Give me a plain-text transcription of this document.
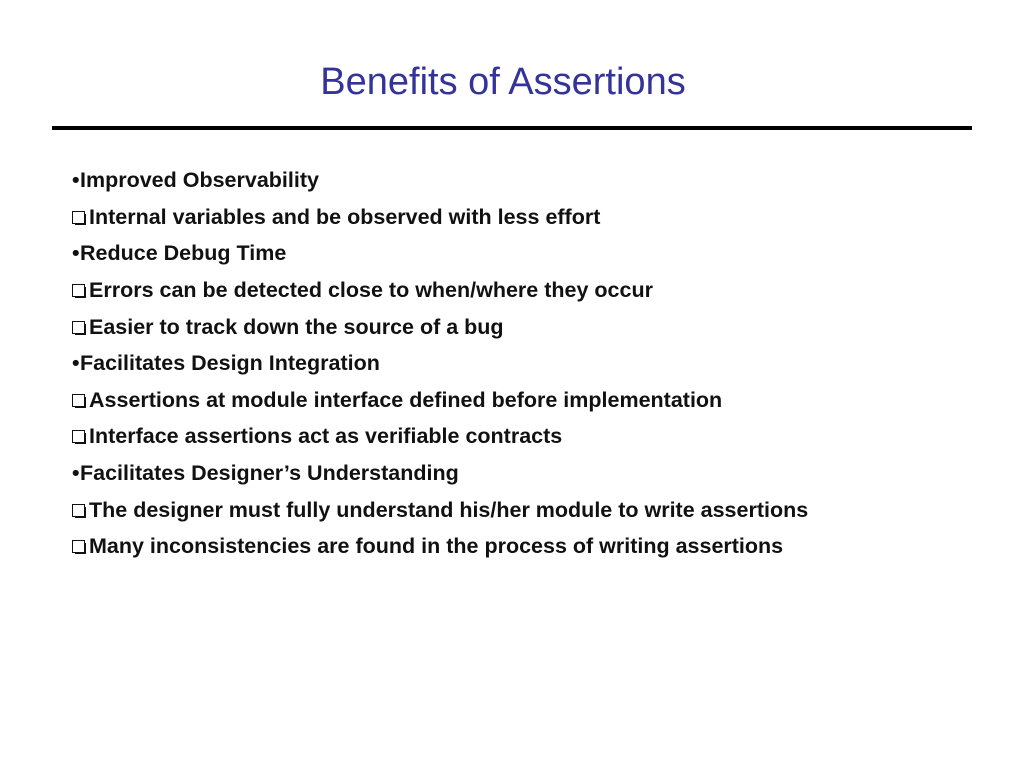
Benefits of Assertions
• Improved Observability
Internal variables and be observed with less effort
• Reduce Debug Time
Errors can be detected close to when/where they occur
Easier to track down the source of a bug
• Facilitates Design Integration
Assertions at module interface defined before implementation
Interface assertions act as verifiable contracts
• Facilitates Designer’s Understanding
The designer must fully understand his/her module to write assertions
Many inconsistencies are found in the process of writing assertions
